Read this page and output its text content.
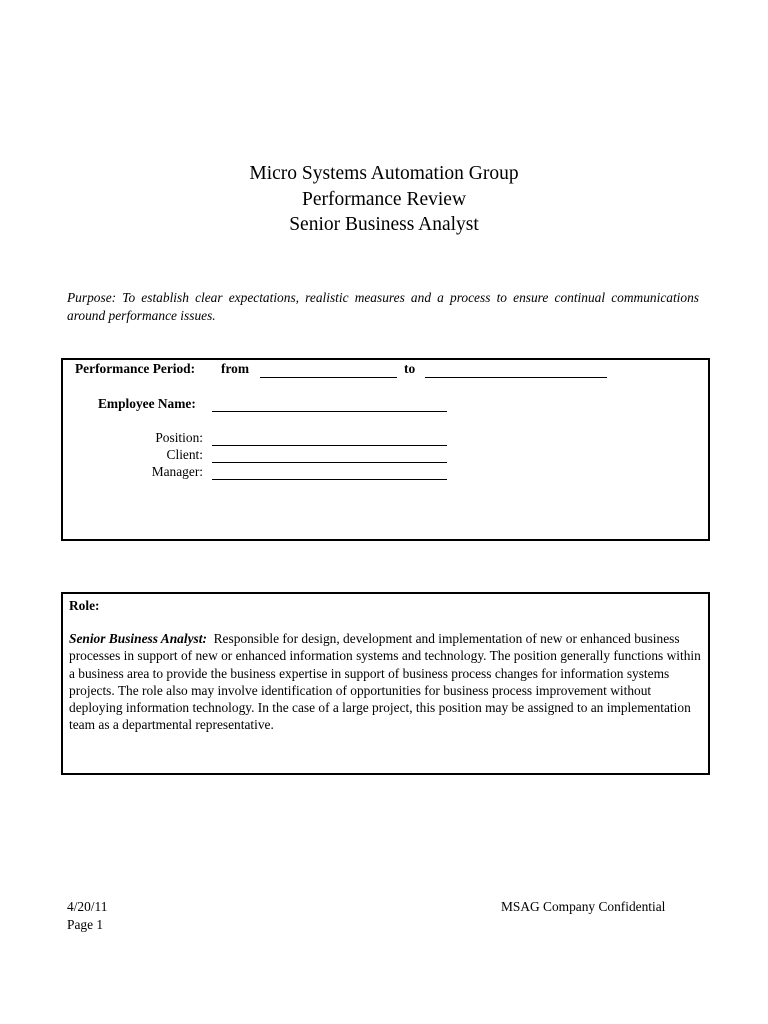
Micro Systems Automation Group
Performance Review
Senior Business Analyst
Purpose: To establish clear expectations, realistic measures and a process to ensure continual communications around performance issues.
Performance Period: from	to
Employee Name:
Position:
Client:
Manager:
Role:
Senior Business Analyst: Responsible for design, development and implementation of new or enhanced business processes in support of new or enhanced information systems and technology. The position generally functions within a business area to provide the business expertise in support of business process changes for information systems projects. The role also may involve identification of opportunities for business process improvement without deploying information technology. In the case of a large project, this position may be assigned to an implementation team as a departmental representative.
4/20/11
Page 1
MSAG Company Confidential
